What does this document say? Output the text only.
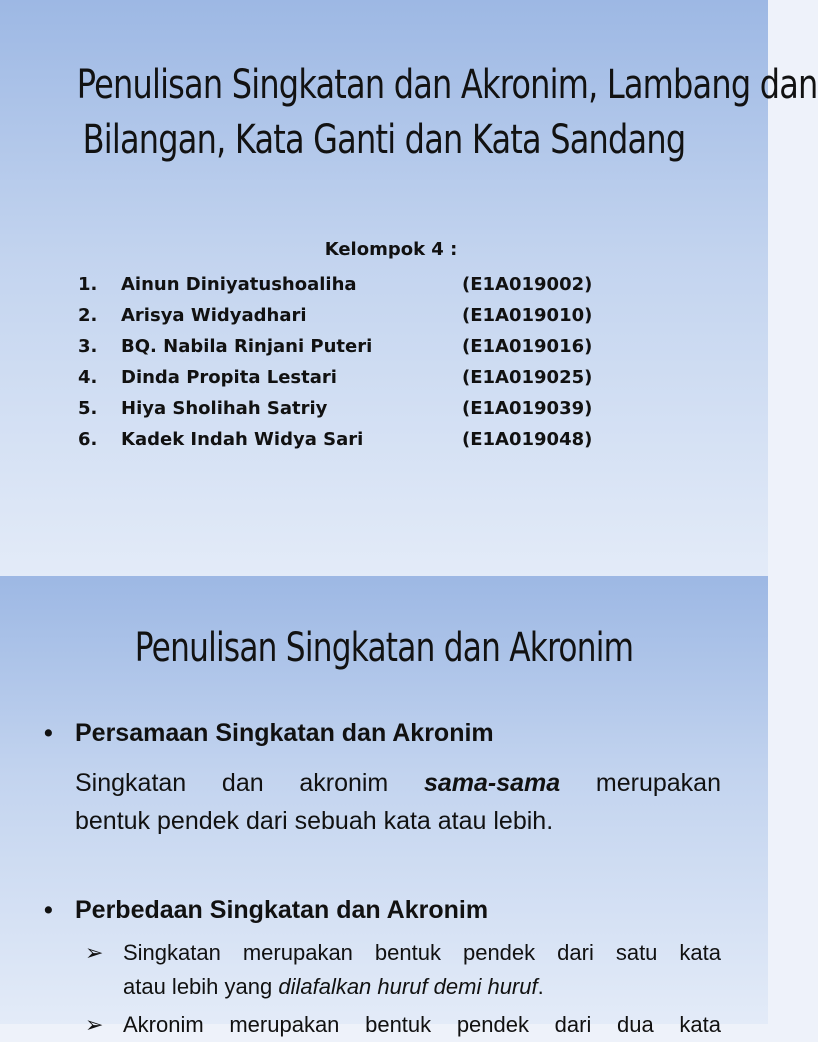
Penulisan Singkatan dan Akronim, Lambang dan
Bilangan, Kata Ganti dan Kata Sandang
Kelompok 4 :
1. Ainun Diniyatushoaliha	(E1A019002)
2. Arisya Widyadhari	(E1A019010)
3. BQ. Nabila Rinjani Puteri	(E1A019016)
4. Dinda Propita Lestari	(E1A019025)
5. Hiya Sholihah Satriy	(E1A019039)
6. Kadek Indah Widya Sari	(E1A019048)
Penulisan Singkatan dan Akronim
• Persamaan Singkatan dan Akronim
Singkatan dan akronim sama-sama merupakan
bentuk pendek dari sebuah kata atau lebih.
• Perbedaan Singkatan dan Akronim
➢ Singkatan merupakan bentuk pendek dari satu kata
atau lebih yang dilafalkan huruf demi huruf.
➢ Akronim merupakan bentuk pendek dari dua kata
